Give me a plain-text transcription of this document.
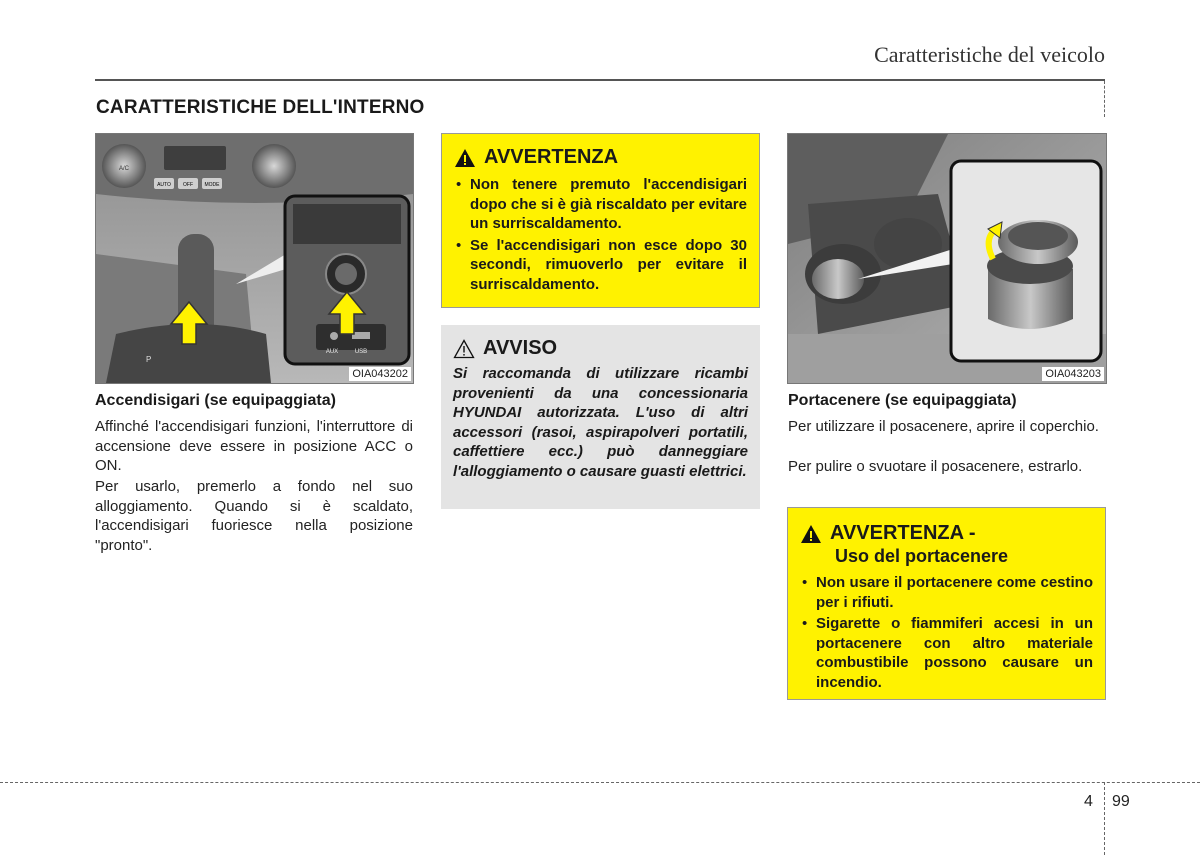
Caratteristiche del veicolo
CARATTERISTICHE DELL'INTERNO
A/C
AUTO OFF MODE
P
AUX	USB
OIA043202
Accendisigari (se equipaggiata)
Affinché l'accendisigari funzioni, l'interruttore di accensione deve essere in posizione ACC o ON.
Per usarlo, premerlo a fondo nel suo alloggiamento. Quando si è scaldato, l'accendisigari fuoriesce nella posizione "pronto".
AVVERTENZA
• Non tenere premuto l'accendisigari dopo che si è già riscaldato per evitare un surriscaldamento.
• Se l'accendisigari non esce dopo 30 secondi, rimuoverlo per evitare il surriscaldamento.
AVVISO
Si raccomanda di utilizzare ricambi provenienti da una concessionaria HYUNDAI autorizzata. L'uso di altri accessori (rasoi, aspirapolveri portatili, caffettiere ecc.) può danneggiare l'alloggiamento o causare guasti elettrici.
OIA043203
Portacenere (se equipaggiata)
Per utilizzare il posacenere, aprire il coperchio.
Per pulire o svuotare il posacenere, estrarlo.
AVVERTENZA -
Uso del portacenere
• Non usare il portacenere come cestino per i rifiuti.
• Sigarette o fiammiferi accesi in un portacenere con altro materiale combustibile possono causare un incendio.
4 99
